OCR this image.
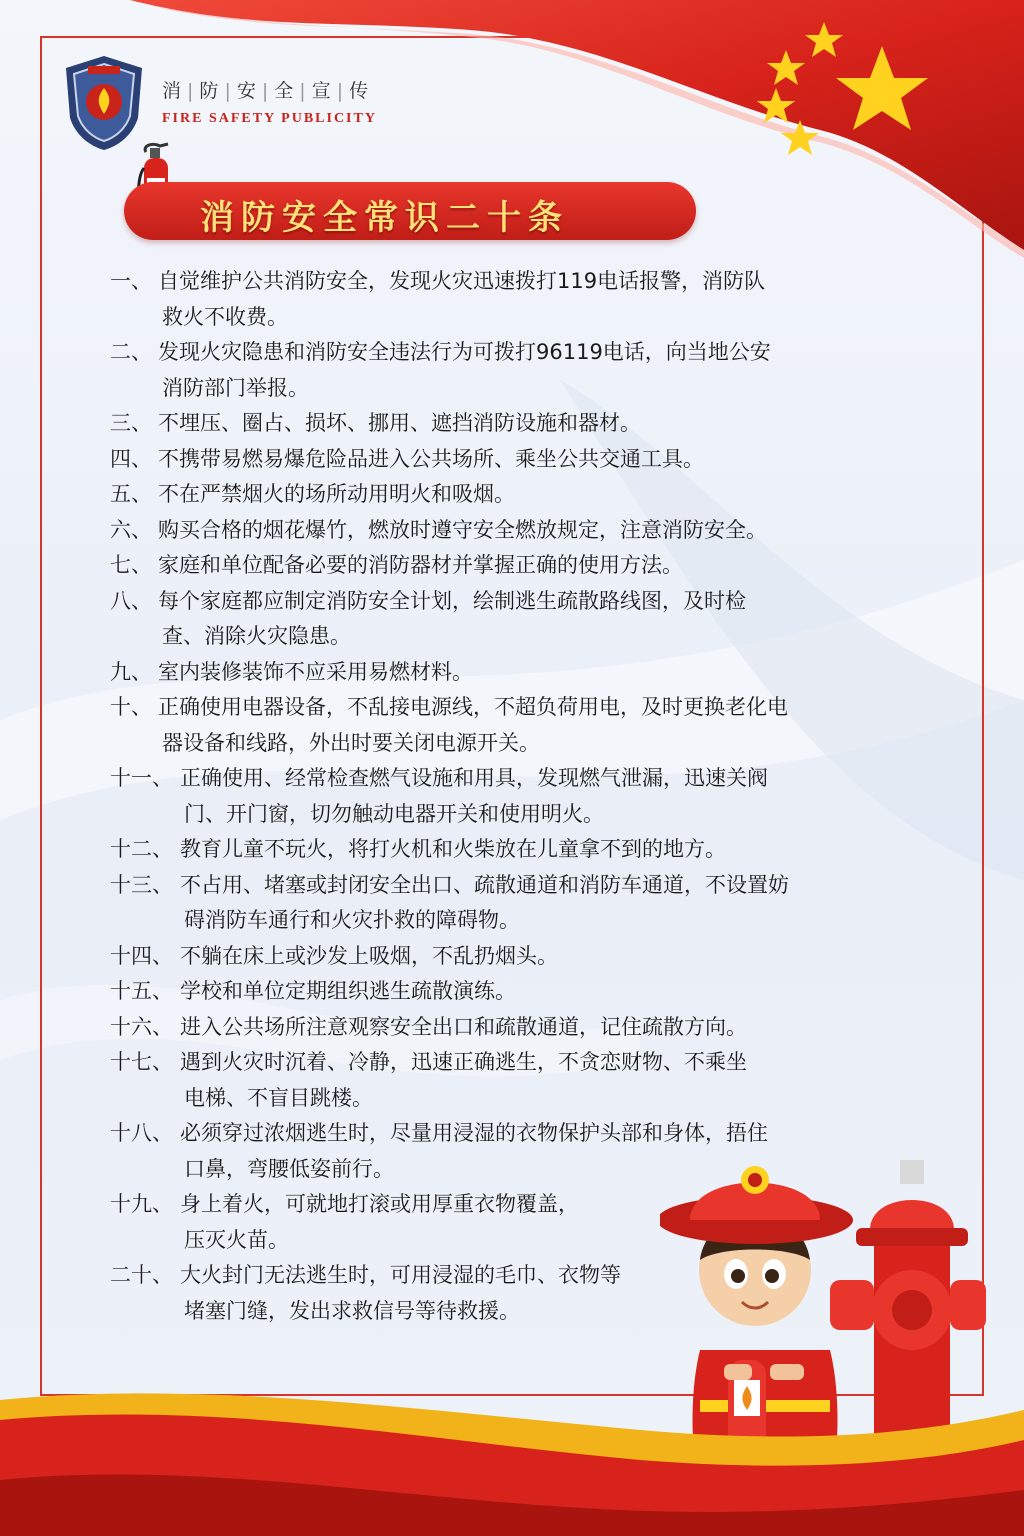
消 | 防 | 安 | 全 | 宣 | 传
FIRE SAFETY PUBLICITY
消防安全常识二十条
一、 自觉维护公共消防安全，发现火灾迅速拨打119电话报警，消防队
救火不收费。
二、 发现火灾隐患和消防安全违法行为可拨打96119电话，向当地公安
消防部门举报。
三、 不埋压、圈占、损坏、挪用、遮挡消防设施和器材。
四、 不携带易燃易爆危险品进入公共场所、乘坐公共交通工具。
五、 不在严禁烟火的场所动用明火和吸烟。
六、 购买合格的烟花爆竹，燃放时遵守安全燃放规定，注意消防安全。
七、 家庭和单位配备必要的消防器材并掌握正确的使用方法。
八、 每个家庭都应制定消防安全计划，绘制逃生疏散路线图，及时检
查、消除火灾隐患。
九、 室内装修装饰不应采用易燃材料。
十、 正确使用电器设备，不乱接电源线，不超负荷用电，及时更换老化电
器设备和线路，外出时要关闭电源开关。
十一、 正确使用、经常检查燃气设施和用具，发现燃气泄漏，迅速关阀
门、开门窗，切勿触动电器开关和使用明火。
十二、 教育儿童不玩火，将打火机和火柴放在儿童拿不到的地方。
十三、 不占用、堵塞或封闭安全出口、疏散通道和消防车通道，不设置妨
碍消防车通行和火灾扑救的障碍物。
十四、 不躺在床上或沙发上吸烟，不乱扔烟头。
十五、 学校和单位定期组织逃生疏散演练。
十六、 进入公共场所注意观察安全出口和疏散通道，记住疏散方向。
十七、 遇到火灾时沉着、冷静，迅速正确逃生，不贪恋财物、不乘坐
电梯、不盲目跳楼。
十八、 必须穿过浓烟逃生时，尽量用浸湿的衣物保护头部和身体，捂住
口鼻，弯腰低姿前行。
十九、 身上着火，可就地打滚或用厚重衣物覆盖，
压灭火苗。
二十、 大火封门无法逃生时，可用浸湿的毛巾、衣物等
堵塞门缝，发出求救信号等待救援。
